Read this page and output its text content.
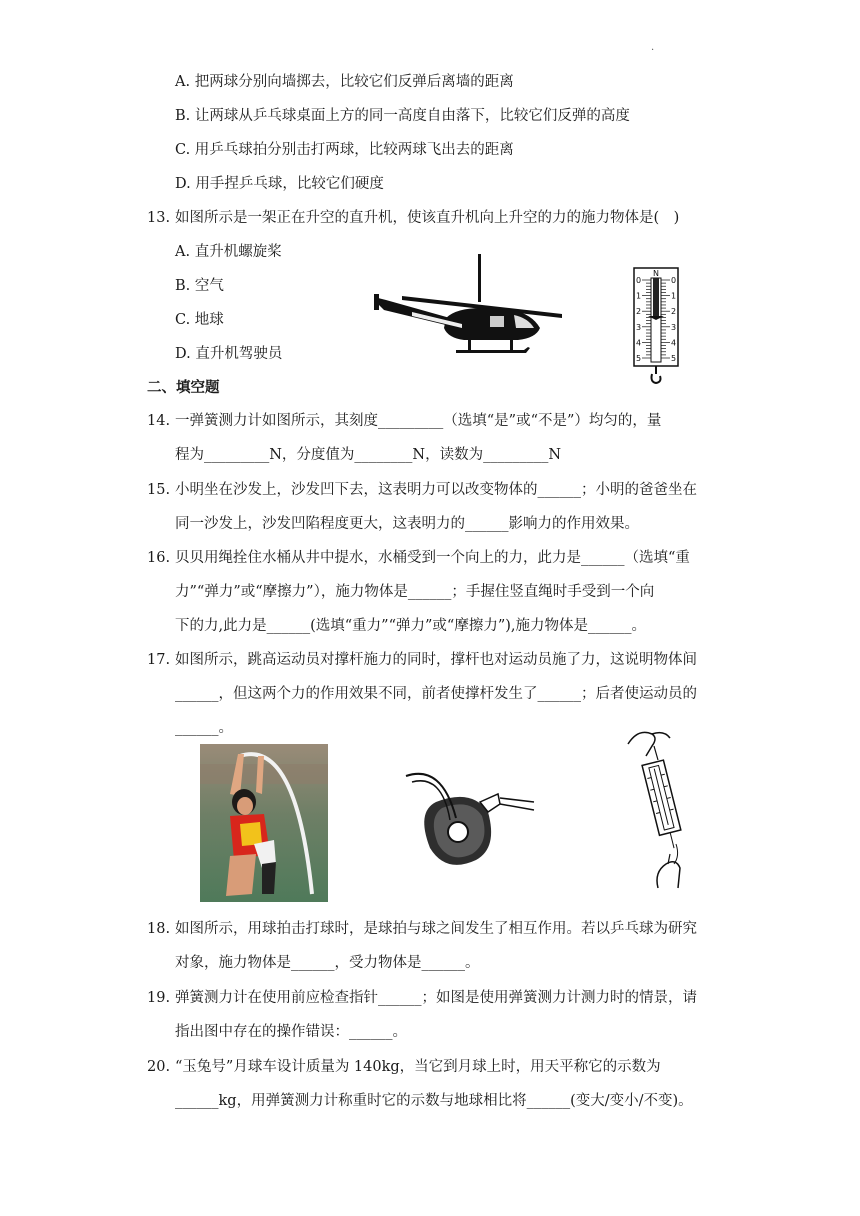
.
A. 把两球分别向墙掷去，比较它们反弹后离墙的距离
B. 让两球从乒乓球桌面上方的同一高度自由落下，比较它们反弹的高度
C. 用乒乓球拍分别击打两球，比较两球飞出去的距离
D. 用手捏乒乓球，比较它们硬度
13. 如图所示是一架正在升空的直升机，使该直升机向上升空的力的施力物体是(　)
A. 直升机螺旋桨
B. 空气
C. 地球
D. 直升机驾驶员
N
0	0
1	1
2	2
3	3
4	4
5	5
二、填空题
14. 一弹簧测力计如图所示，其刻度_________（选填“是”或“不是”）均匀的，量
程为_________N，分度值为________N，读数为_________N
15. 小明坐在沙发上，沙发凹下去，这表明力可以改变物体的______；小明的爸爸坐在
同一沙发上，沙发凹陷程度更大，这表明力的______影响力的作用效果。
16. 贝贝用绳拴住水桶从井中提水，水桶受到一个向上的力，此力是______（选填“重
力”“弹力”或“摩擦力”），施力物体是______；手握住竖直绳时手受到一个向
下的力,此力是______(选填“重力”“弹力”或“摩擦力”),施力物体是______。
17. 如图所示，跳高运动员对撑杆施力的同时，撑杆也对运动员施了力，这说明物体间
______，但这两个力的作用效果不同，前者使撑杆发生了______；后者使运动员的
______。
18. 如图所示，用球拍击打球时，是球拍与球之间发生了相互作用。若以乒乓球为研究
对象，施力物体是______，受力物体是______。
19. 弹簧测力计在使用前应检查指针______；如图是使用弹簧测力计测力时的情景，请
指出图中存在的操作错误：______。
20. “玉兔号”月球车设计质量为 140kg，当它到月球上时，用天平称它的示数为
______kg，用弹簧测力计称重时它的示数与地球相比将______(变大/变小/不变)。
